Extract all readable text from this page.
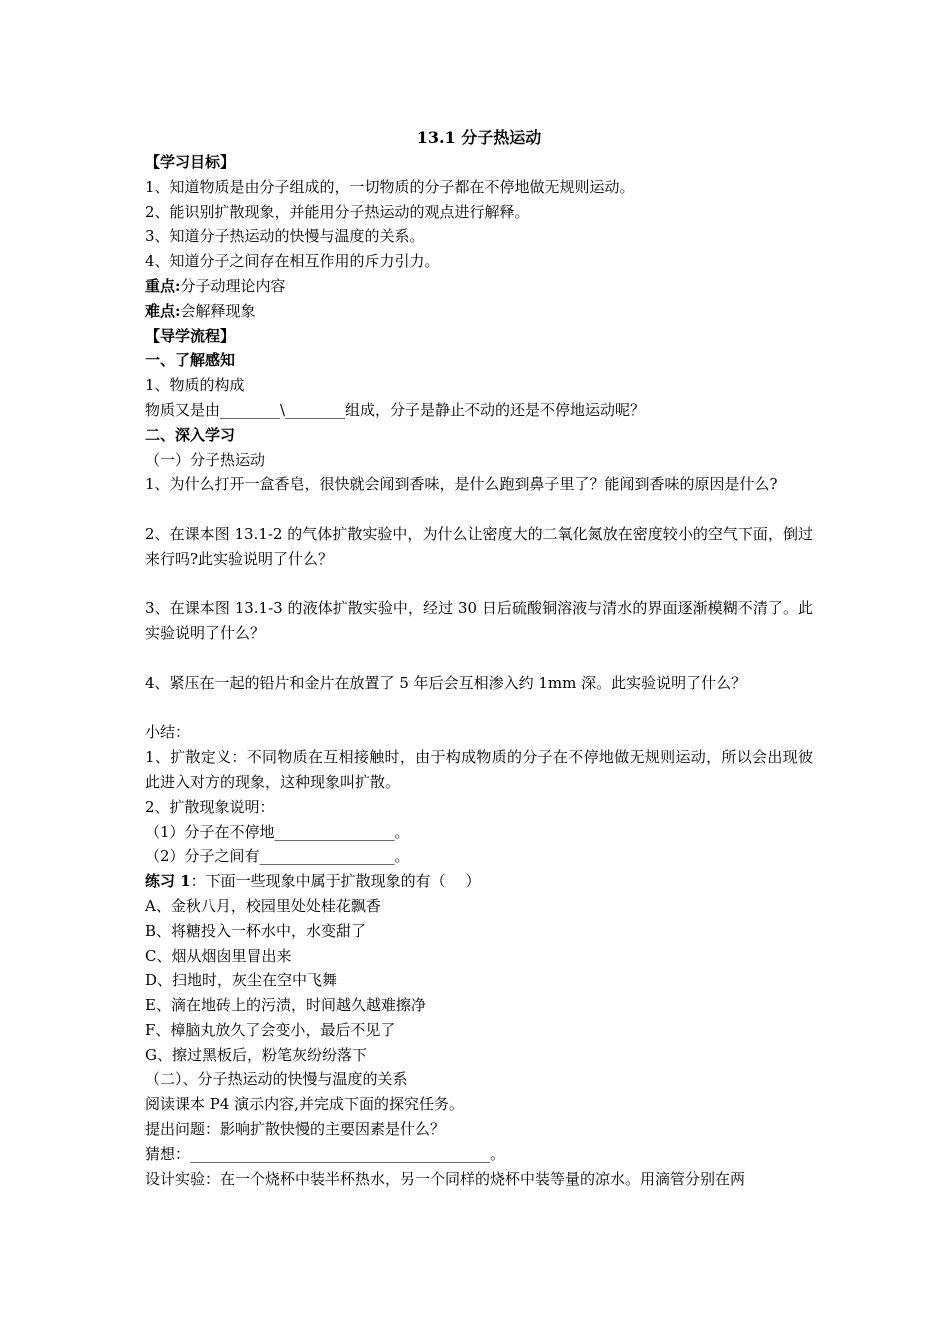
13.1 分子热运动
【学习目标】
1、知道物质是由分子组成的，一切物质的分子都在不停地做无规则运动。
2、能识别扩散现象，并能用分子热运动的观点进行解释。
3、知道分子热运动的快慢与温度的关系。
4、知道分子之间存在相互作用的斥力引力。
重点:分子动理论内容
难点:会解释现象
【导学流程】
一、了解感知
1、物质的构成
物质又是由________\________组成，分子是静止不动的还是不停地运动呢？
二、深入学习
（一）分子热运动
1、为什么打开一盒香皂，很快就会闻到香味，是什么跑到鼻子里了？能闻到香味的原因是什么?
2、在课本图 13.1-2 的气体扩散实验中，为什么让密度大的二氧化氮放在密度较小的空气下面，倒过来行吗?此实验说明了什么？
3、在课本图 13.1-3 的液体扩散实验中，经过 30 日后硫酸铜溶液与清水的界面逐渐模糊不清了。此实验说明了什么？
4、紧压在一起的铅片和金片在放置了 5 年后会互相渗入约 1mm 深。此实验说明了什么？
小结：
1、扩散定义：不同物质在互相接触时，由于构成物质的分子在不停地做无规则运动，所以会出现彼此进入对方的现象，这种现象叫扩散。
2、扩散现象说明：
（1）分子在不停地________________。
（2）分子之间有__________________。
练习 1：下面一些现象中属于扩散现象的有（　 ）
A、金秋八月，校园里处处桂花飘香
B、将糖投入一杯水中，水变甜了
C、烟从烟囱里冒出来
D、扫地时，灰尘在空中飞舞
E、滴在地砖上的污渍，时间越久越难擦净
F、樟脑丸放久了会变小，最后不见了
G、擦过黑板后，粉笔灰纷纷落下
（二）、分子热运动的快慢与温度的关系
阅读课本 P4 演示内容,并完成下面的探究任务。
提出问题：影响扩散快慢的主要因素是什么？
猜想：________________________________________。
设计实验：在一个烧杯中装半杯热水，另一个同样的烧杯中装等量的凉水。用滴管分别在两
